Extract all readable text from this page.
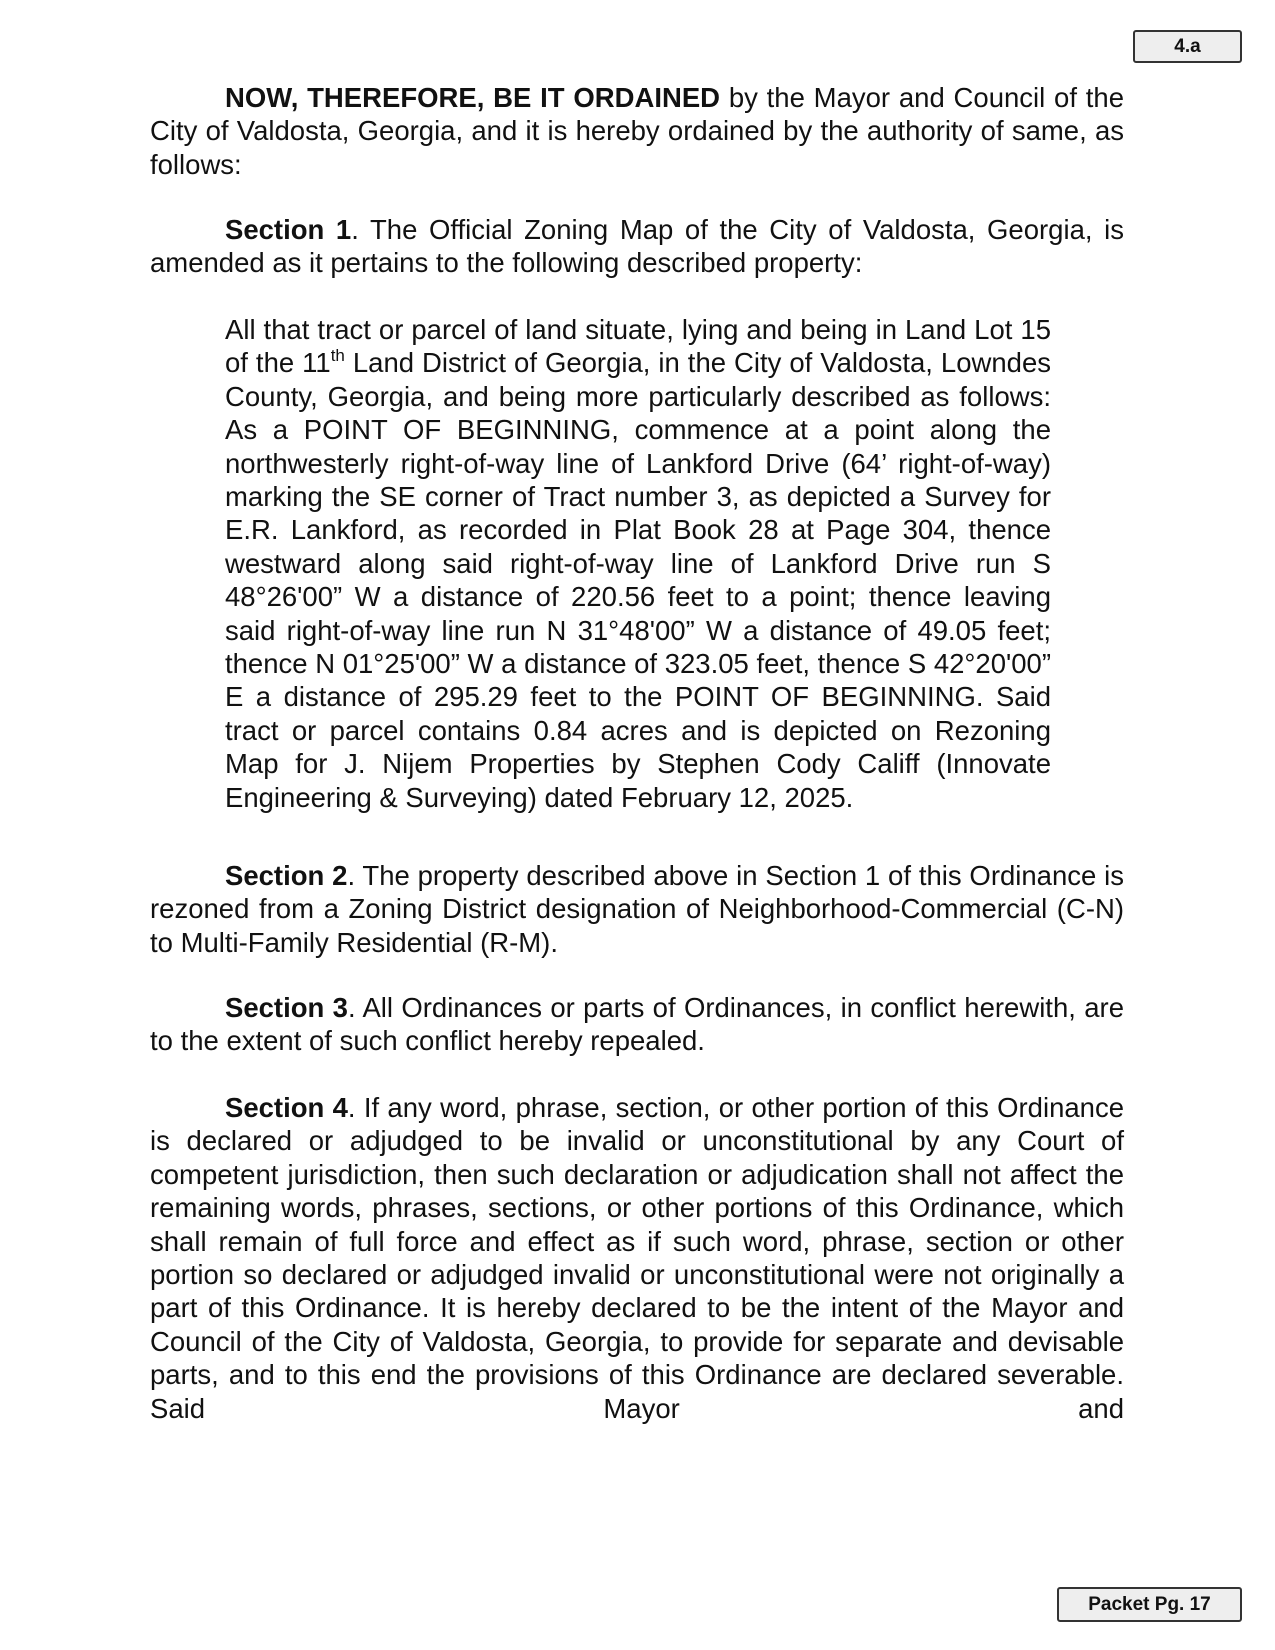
4.a

NOW, THEREFORE, BE IT ORDAINED by the Mayor and Council of the City of Valdosta, Georgia, and it is hereby ordained by the authority of same, as follows:

Section 1. The Official Zoning Map of the City of Valdosta, Georgia, is amended as it pertains to the following described property:

All that tract or parcel of land situate, lying and being in Land Lot 15 of the 11th Land District of Georgia, in the City of Valdosta, Lowndes County, Georgia, and being more particularly described as follows: As a POINT OF BEGINNING, commence at a point along the northwesterly right-of-way line of Lankford Drive (64’ right-of-way) marking the SE corner of Tract number 3, as depicted a Survey for E.R. Lankford, as recorded in Plat Book 28 at Page 304, thence westward along said right-of-way line of Lankford Drive run S 48°26'00” W a distance of 220.56 feet to a point; thence leaving said right-of-way line run N 31°48'00” W a distance of 49.05 feet; thence N 01°25'00” W a distance of 323.05 feet, thence S 42°20'00” E a distance of 295.29 feet to the POINT OF BEGINNING. Said tract or parcel contains 0.84 acres and is depicted on Rezoning Map for J. Nijem Properties by Stephen Cody Califf (Innovate Engineering & Surveying) dated February 12, 2025.

Section 2. The property described above in Section 1 of this Ordinance is rezoned from a Zoning District designation of Neighborhood-Commercial (C-N) to Multi-Family Residential (R-M).

Section 3. All Ordinances or parts of Ordinances, in conflict herewith, are to the extent of such conflict hereby repealed.

Section 4. If any word, phrase, section, or other portion of this Ordinance is declared or adjudged to be invalid or unconstitutional by any Court of competent jurisdiction, then such declaration or adjudication shall not affect the remaining words, phrases, sections, or other portions of this Ordinance, which shall remain of full force and effect as if such word, phrase, section or other portion so declared or adjudged invalid or unconstitutional were not originally a part of this Ordinance. It is hereby declared to be the intent of the Mayor and Council of the City of Valdosta, Georgia, to provide for separate and devisable parts, and to this end the provisions of this Ordinance are declared severable. Said Mayor and

Packet Pg. 17
